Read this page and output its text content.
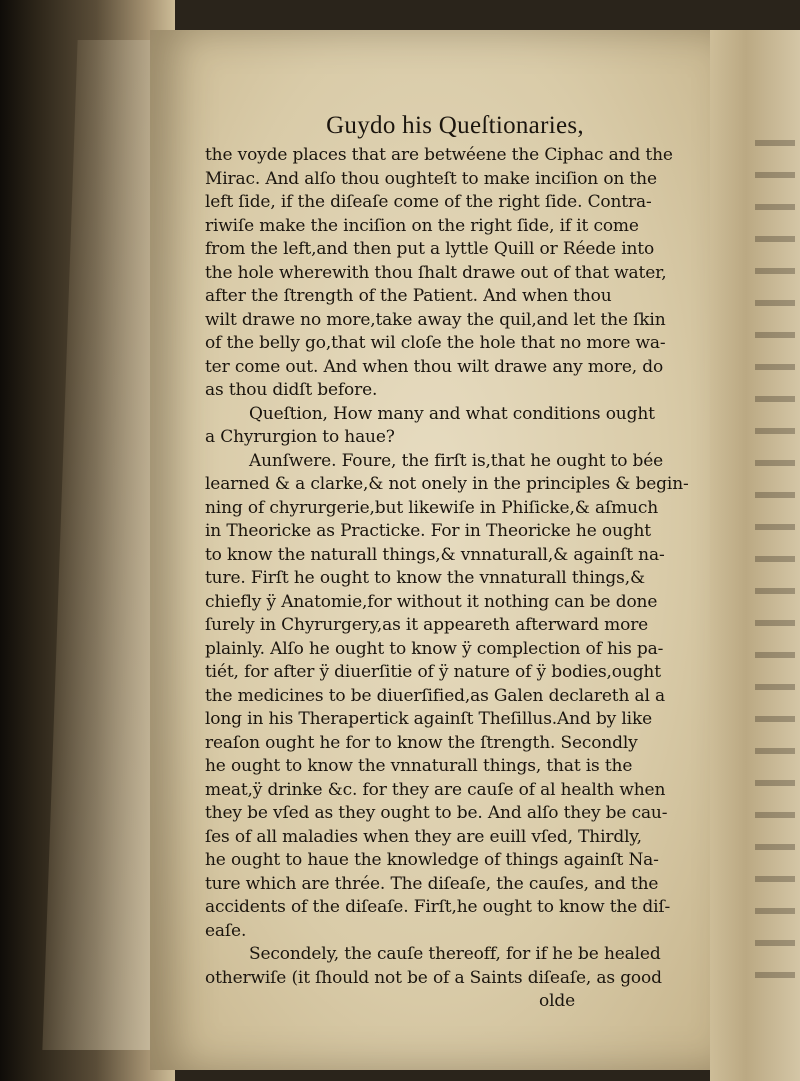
Guydo his Queſtionaries,
the voyde places that are betwéene the Ciphac and the
Mirac. And alſo thou oughteſt to make inciſion on the
left ſide, if the diſeaſe come of the right ſide. Contra-
riwiſe make the inciſion on the right ſide, if it come
from the left,and then put a lyttle Quill or Réede into
the hole wherewith thou ſhalt drawe out of that water,
after the ſtrength of the Patient. And when thou
wilt drawe no more,take away the quil,and let the ſkin
of the belly go,that wil cloſe the hole that no more wa-
ter come out. And when thou wilt drawe any more, do
as thou didſt before.
Queſtion, How many and what conditions ought
a Chyrurgion to haue?
Aunſwere. Foure, the firſt is,that he ought to bée
learned & a clarke,& not onely in the principles & begin-
ning of chyrurgerie,but likewiſe in Phiſicke,& aſmuch
in Theoricke as Practicke. For in Theoricke he ought
to know the naturall things,& vnnaturall,& againſt na-
ture. Firſt he ought to know the vnnaturall things,&
chiefly ÿ Anatomie,for without it nothing can be done
ſurely in Chyrurgery,as it appeareth afterward more
plainly. Alſo he ought to know ÿ complection of his pa-
tiét, for after ÿ diuerſitie of ÿ nature of ÿ bodies,ought
the medicines to be diuerſified,as Galen declareth al a
long in his Therapertick againſt Theſillus.And by like
reaſon ought he for to know the ſtrength. Secondly
he ought to know the vnnaturall things, that is the
meat,ÿ drinke &c. for they are cauſe of al health when
they be vſed as they ought to be. And alſo they be cau-
ſes of all maladies when they are euill vſed, Thirdly,
he ought to haue the knowledge of things againſt Na-
ture which are thrée. The diſeaſe, the cauſes, and the
accidents of the diſeaſe. Firſt,he ought to know the diſ-
eaſe.
Secondely, the cauſe thereoff, for if he be healed
otherwiſe (it ſhould not be of a Saints diſeaſe, as good
olde
